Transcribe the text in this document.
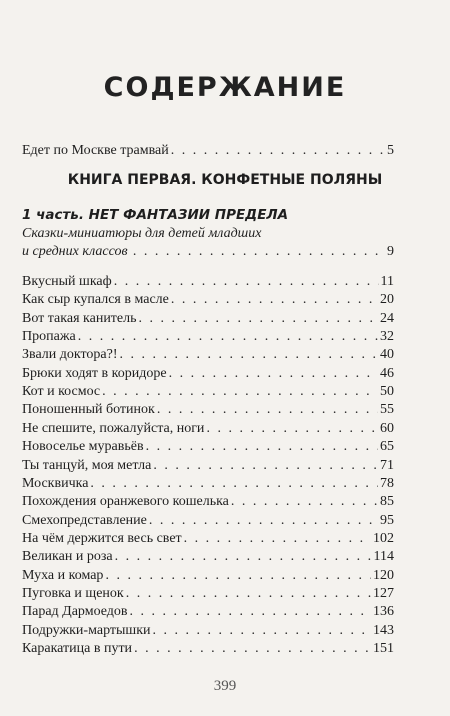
СОДЕРЖАНИЕ
Едет по Москве трамвай . . .	5
КНИГА ПЕРВАЯ. КОНФЕТНЫЕ ПОЛЯНЫ
1 часть. НЕТ ФАНТАЗИИ ПРЕДЕЛА
Сказки-миниатюры для детей младших
и средних классов . . .	9
Вкусный шкаф . . .	11
Как сыр купался в масле . . .	20
Вот такая канитель . . .	24
Пропажа . . .	32
Звали доктора?! . . .	40
Брюки ходят в коридоре . . .	46
Кот и космос . . .	50
Поношенный ботинок . . .	55
Не спешите, пожалуйста, ноги . . .	60
Новоселье муравьёв . . .	65
Ты танцуй, моя метла . . .	71
Москвичка . . .	78
Похождения оранжевого кошелька . . .	85
Смехопредставление . . .	95
На чём держится весь свет . . .	102
Великан и роза . . .	114
Муха и комар . . .	120
Пуговка и щенок . . .	127
Парад Дармоедов . . .	136
Подружки-мартышки . . .	143
Каракатица в пути . . .	151
399
